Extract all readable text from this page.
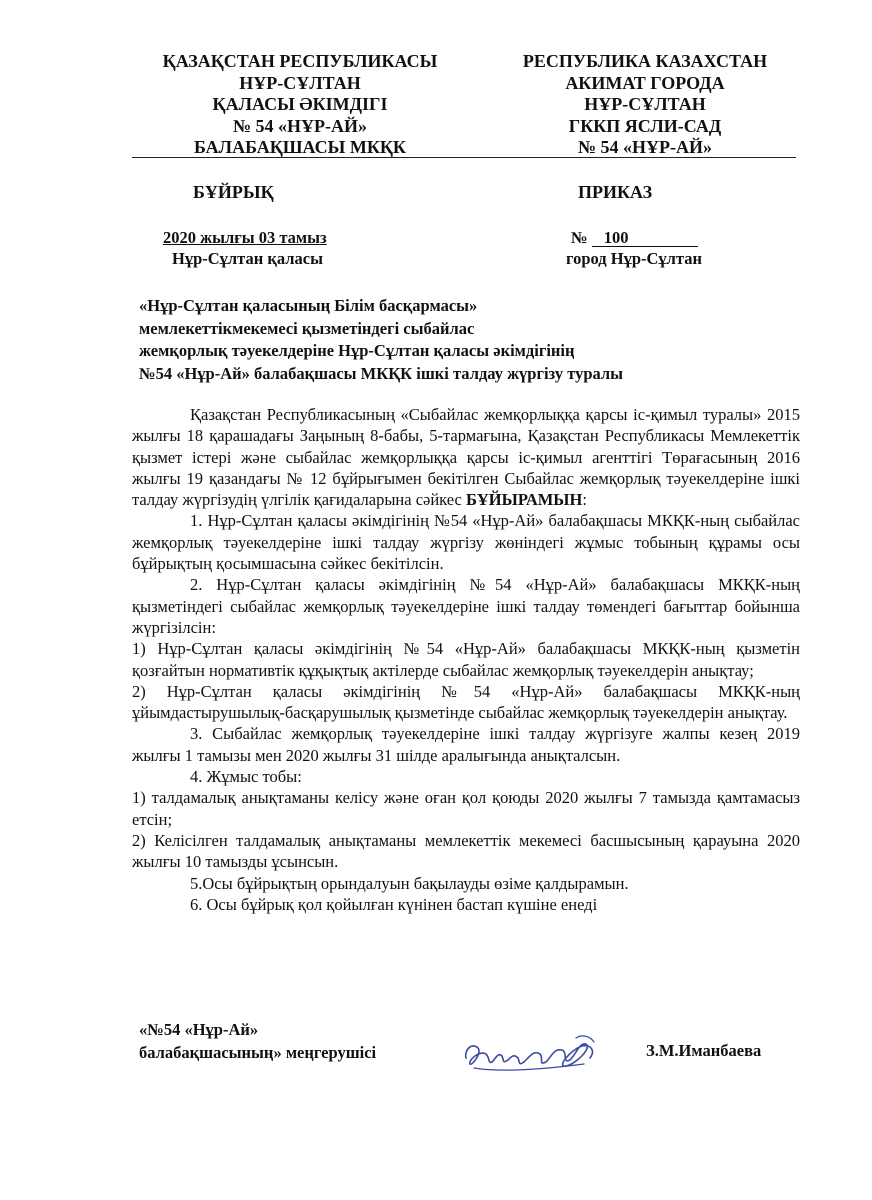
ҚАЗАҚСТАН РЕСПУБЛИКАСЫ
НҰР-СҰЛТАН
ҚАЛАСЫ ӘКІМДІГІ
№ 54 «НҰР-АЙ»
БАЛАБАҚШАСЫ МКҚК
РЕСПУБЛИКА КАЗАХСТАН
АКИМАТ ГОРОДА
НҰР-СҰЛТАН
ГККП ЯСЛИ-САД
№ 54 «НҰР-АЙ»
БҰЙРЫҚ	ПРИКАЗ
2020 жылғы 03 тамыз
Нұр-Сұлтан қаласы
№ 100
город Нұр-Сұлтан
«Нұр-Сұлтан қаласының Білім басқармасы»
мемлекеттікмекемесі қызметіндегі сыбайлас
жемқорлық тәуекелдеріне Нұр-Сұлтан қаласы әкімдігінің
№54 «Нұр-Ай» балабақшасы МКҚК ішкі талдау жүргізу туралы

Қазақстан Республикасының «Сыбайлас жемқорлыққа қарсы іс-қимыл туралы» 2015 жылғы 18 қарашадағы Заңының 8-бабы, 5-тармағына, Қазақстан Республикасы Мемлекеттік қызмет істері және сыбайлас жемқорлыққа қарсы іс-қимыл агенттігі Төрағасының 2016 жылғы 19 қазандағы № 12 бұйрығымен бекітілген Сыбайлас жемқорлық тәуекелдеріне ішкі талдау жүргізудің үлгілік қағидаларына сәйкес БҰЙЫРАМЫН:

1. Нұр-Сұлтан қаласы әкімдігінің №54 «Нұр-Ай» балабақшасы МКҚК-ның сыбайлас жемқорлық тәуекелдеріне ішкі талдау жүргізу жөніндегі жұмыс тобының құрамы осы бұйрықтың қосымшасына сәйкес бекітілсін.

2. Нұр-Сұлтан қаласы әкімдігінің №54 «Нұр-Ай» балабақшасы МКҚК-ның қызметіндегі сыбайлас жемқорлық тәуекелдеріне ішкі талдау төмендегі бағыттар бойынша жүргізілсін:

1) Нұр-Сұлтан қаласы әкімдігінің №54 «Нұр-Ай» балабақшасы МКҚК-ның қызметін қозғайтын нормативтік құқықтық актілерде сыбайлас жемқорлық тәуекелдерін анықтау;

2) Нұр-Сұлтан қаласы әкімдігінің №54 «Нұр-Ай» балабақшасы МКҚК-ның ұйымдастырушылық-басқарушылық қызметінде сыбайлас жемқорлық тәуекелдерін анықтау.

3. Сыбайлас жемқорлық тәуекелдеріне ішкі талдау жүргізуге жалпы кезең 2019 жылғы 1 тамызы мен 2020 жылғы 31 шілде аралығында анықталсын.

4. Жұмыс тобы:

1) талдамалық анықтаманы келісу және оған қол қоюды 2020 жылғы 7 тамызда қамтамасыз етсін;

2) Келісілген талдамалық анықтаманы мемлекеттік мекемесі басшысының қарауына 2020 жылғы 10 тамызды ұсынсын.

5.Осы бұйрықтың орындалуын бақылауды өзіме қалдырамын.

6. Осы бұйрық қол қойылған күнінен бастап күшіне енеді

«№54 «Нұр-Ай»
балабақшасының» меңгерушісі	З.М.Иманбаева
